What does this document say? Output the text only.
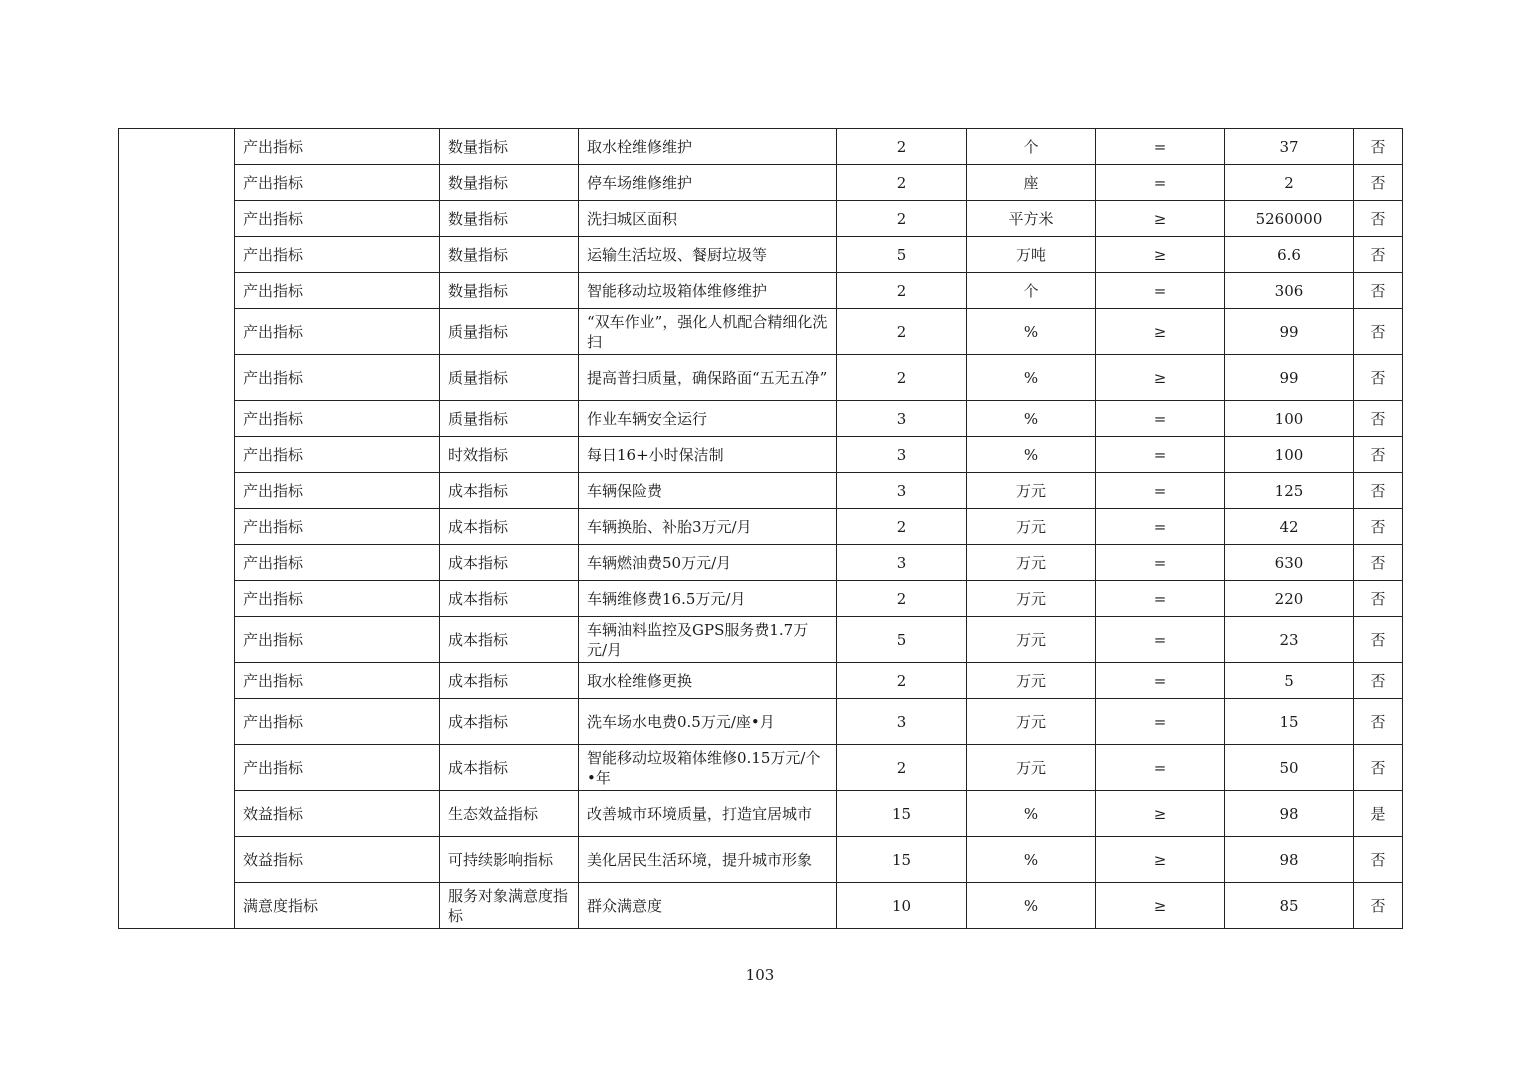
	产出指标	数量指标	取水栓维修维护	2	个	=	37	否
	产出指标	数量指标	停车场维修维护	2	座	=	2	否
	产出指标	数量指标	洗扫城区面积	2	平方米	≥	5260000	否
	产出指标	数量指标	运输生活垃圾、餐厨垃圾等	5	万吨	≥	6.6	否
	产出指标	数量指标	智能移动垃圾箱体维修维护	2	个	=	306	否
	产出指标	质量指标	“双车作业”，强化人机配合精细化洗扫	2	%	≥	99	否
	产出指标	质量指标	提高普扫质量，确保路面“五无五净”	2	%	≥	99	否
	产出指标	质量指标	作业车辆安全运行	3	%	=	100	否
	产出指标	时效指标	每日16+小时保洁制	3	%	=	100	否
	产出指标	成本指标	车辆保险费	3	万元	=	125	否
	产出指标	成本指标	车辆换胎、补胎3万元/月	2	万元	=	42	否
	产出指标	成本指标	车辆燃油费50万元/月	3	万元	=	630	否
	产出指标	成本指标	车辆维修费16.5万元/月	2	万元	=	220	否
	产出指标	成本指标	车辆油料监控及GPS服务费1.7万元/月	5	万元	=	23	否
	产出指标	成本指标	取水栓维修更换	2	万元	=	5	否
	产出指标	成本指标	洗车场水电费0.5万元/座•月	3	万元	=	15	否
	产出指标	成本指标	智能移动垃圾箱体维修0.15万元/个•年	2	万元	=	50	否
	效益指标	生态效益指标	改善城市环境质量，打造宜居城市	15	%	≥	98	是
	效益指标	可持续影响指标	美化居民生活环境，提升城市形象	15	%	≥	98	否
	满意度指标	服务对象满意度指标	群众满意度	10	%	≥	85	否
103
